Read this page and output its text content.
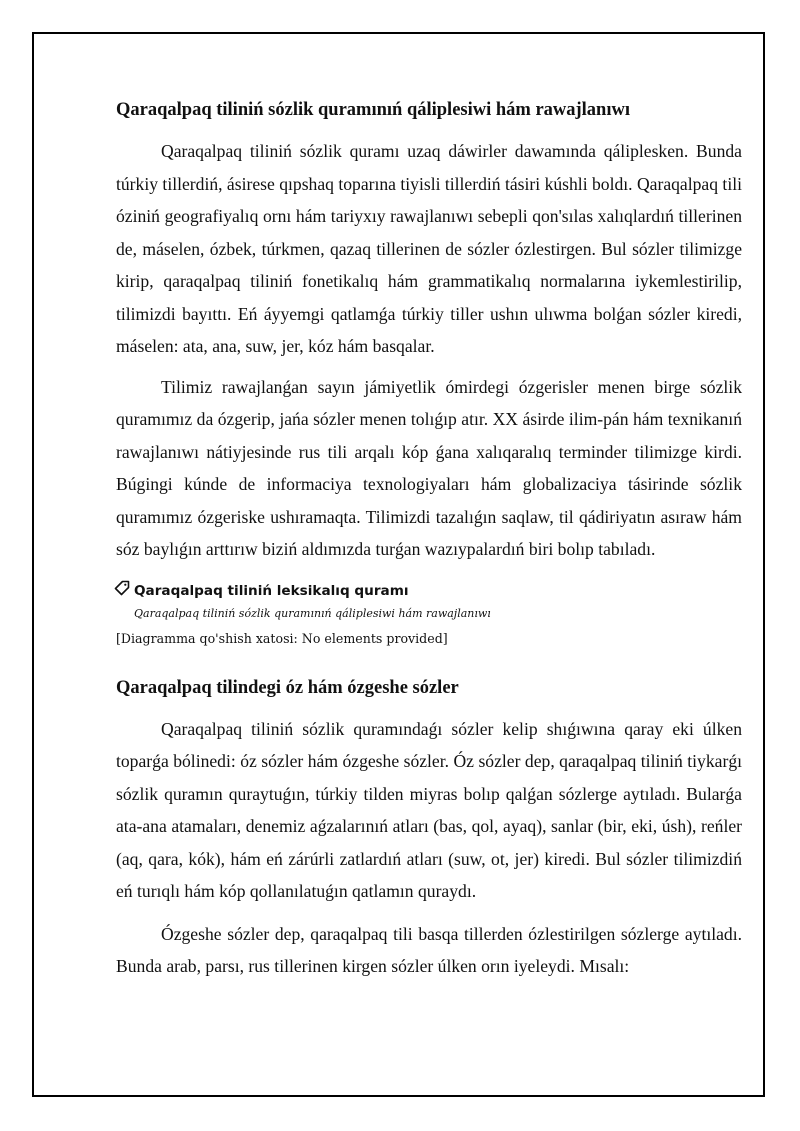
Qaraqalpaq tiliniń sózlik quramınıń qáliplesiwi hám rawajlanıwı

Qaraqalpaq tiliniń sózlik quramı uzaq dáwirler dawamında qáliplesken. Bunda túrkiy tillerdiń, ásirese qıpshaq toparına tiyisli tillerdiń tásiri kúshli boldı. Qaraqalpaq tili óziniń geografiyalıq ornı hám tariyxıy rawajlanıwı sebepli qon'sılas xalıqlardıń tillerinen de, máselen, ózbek, túrkmen, qazaq tillerinen de sózler ózlestirgen. Bul sózler tilimizge kirip, qaraqalpaq tiliniń fonetikalıq hám grammatikalıq normalarına iykemlestirilip, tilimizdi bayıttı. Eń áyyemgi qatlamǵa túrkiy tiller ushın ulıwma bolǵan sózler kiredi, máselen: ata, ana, suw, jer, kóz hám basqalar.

Tilimiz rawajlanǵan sayın jámiyetlik ómirdegi ózgerisler menen birge sózlik quramımız da ózgerip, jańa sózler menen tolıǵıp atır. XX ásirde ilim-pán hám texnikanıń rawajlanıwı nátiyjesinde rus tili arqalı kóp ǵana xalıqaralıq terminder tilimizge kirdi. Búgingi kúnde de informaciya texnologiyaları hám globalizaciya tásirinde sózlik quramımız ózgeriske ushıramaqta. Tilimizdi tazalıǵın saqlaw, til qádiriyatın asıraw hám sóz baylıǵın arttırıw biziń aldımızda turǵan wazıypalardıń biri bolıp tabıladı.

Qaraqalpaq tiliniń leksikalıq quramı
Qaraqalpaq tiliniń sózlik quramınıń qáliplesiwi hám rawajlanıwı
[Diagramma qo'shish xatosi: No elements provided]
Qaraqalpaq tilindegi óz hám ózgeshe sózler

Qaraqalpaq tiliniń sózlik quramındaǵı sózler kelip shıǵıwına qaray eki úlken toparǵa bólinedi: óz sózler hám ózgeshe sózler. Óz sózler dep, qaraqalpaq tiliniń tiykarǵı sózlik quramın quraytuǵın, túrkiy tilden miyras bolıp qalǵan sózlerge aytıladı. Bularǵa ata-ana atamaları, denemiz aǵzalarınıń atları (bas, qol, ayaq), sanlar (bir, eki, úsh), reńler (aq, qara, kók), hám eń zárúrli zatlardıń atları (suw, ot, jer) kiredi. Bul sózler tilimizdiń eń turıqlı hám kóp qollanılatuǵın qatlamın quraydı.

Ózgeshe sózler dep, qaraqalpaq tili basqa tillerden ózlestirilgen sózlerge aytıladı. Bunda arab, parsı, rus tillerinen kirgen sózler úlken orın iyeleydi. Mısalı:
